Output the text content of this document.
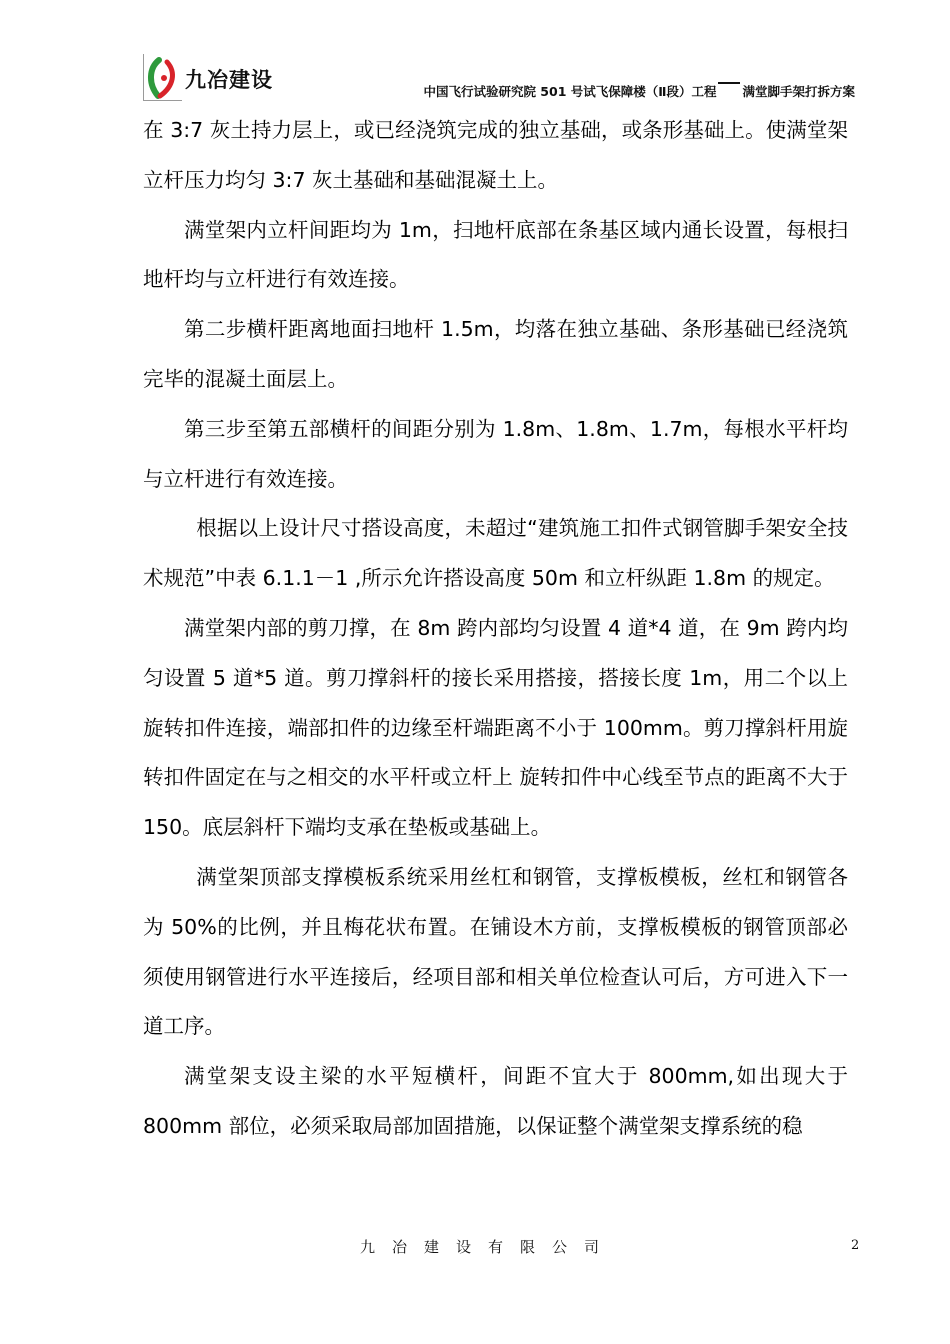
九冶建设	中国飞行试验研究院 501 号试飞保障楼（Ⅱ段）工程 满堂脚手架打拆方案

在 3:7 灰土持力层上，或已经浇筑完成的独立基础，或条形基础上。使满堂架立杆压力均匀 3:7 灰土基础和基础混凝土上。

满堂架内立杆间距均为 1m，扫地杆底部在条基区域内通长设置，每根扫地杆均与立杆进行有效连接。

第二步横杆距离地面扫地杆 1.5m，均落在独立基础、条形基础已经浇筑完毕的混凝土面层上。

第三步至第五部横杆的间距分别为 1.8m、1.8m、1.7m，每根水平杆均与立杆进行有效连接。

根据以上设计尺寸搭设高度，未超过“建筑施工扣件式钢管脚手架安全技术规范”中表 6.1.1－1 ,所示允许搭设高度 50m 和立杆纵距 1.8m 的规定。

满堂架内部的剪刀撑，在 8m 跨内部均匀设置 4 道*4 道，在 9m 跨内均匀设置 5 道*5 道。剪刀撑斜杆的接长采用搭接，搭接长度 1m，用二个以上旋转扣件连接，端部扣件的边缘至杆端距离不小于 100mm。剪刀撑斜杆用旋转扣件固定在与之相交的水平杆或立杆上 旋转扣件中心线至节点的距离不大于 150。底层斜杆下端均支承在垫板或基础上。

满堂架顶部支撑模板系统采用丝杠和钢管，支撑板模板，丝杠和钢管各为 50%的比例，并且梅花状布置。在铺设木方前，支撑板模板的钢管顶部必须使用钢管进行水平连接后，经项目部和相关单位检查认可后，方可进入下一道工序。

满堂架支设主梁的水平短横杆，间距不宜大于 800mm,如出现大于 800mm 部位，必须采取局部加固措施，以保证整个满堂架支撑系统的稳

九冶建设有限公司	2
